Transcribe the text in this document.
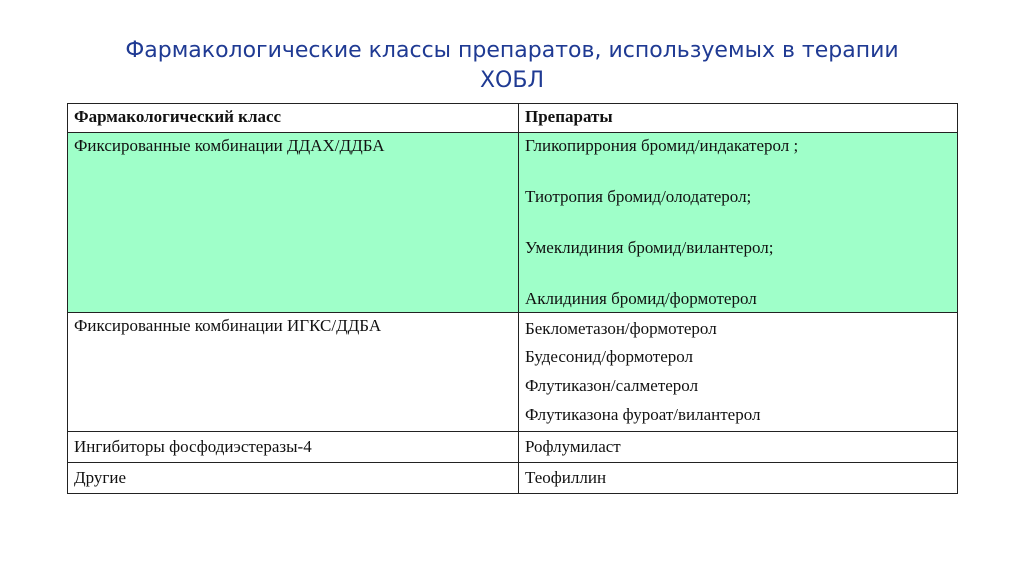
Фармакологические классы препаратов, используемых в терапии
ХОБЛ
Фармакологический класс	Препараты

Фиксированные комбинации ДДАХ/ДДБА	Гликопиррония бромид/индакатерол ;
Тиотропия бромид/олодатерол;
Умеклидиния бромид/вилантерол;
Аклидиния бромид/формотерол

Фиксированные комбинации ИГКС/ДДБА	Беклометазон/формотерол
Будесонид/формотерол
Флутиказон/салметерол
Флутиказона фуроат/вилантерол

Ингибиторы фосфодиэстеразы-4	Рофлумиласт
Другие	Теофиллин
